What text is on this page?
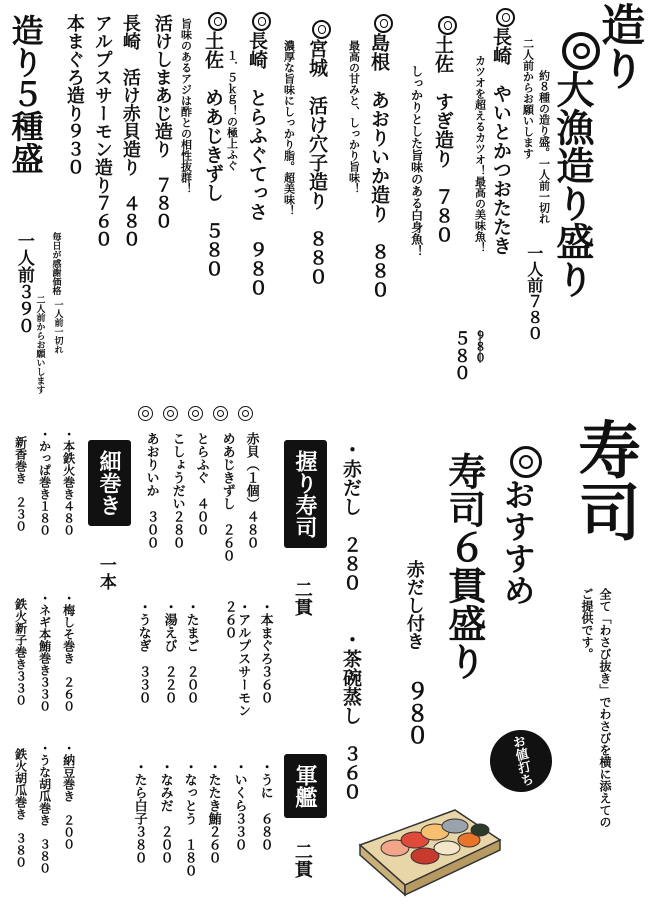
造り
大漁造り盛り
約８種の造り盛。一人前一切れ
二人前からお願いします
一人前７８０
長崎　やいとかつおたたき
カツオを超えるカツオ！最高の美味魚！
９８０
５８０
土佐　すぎ造り　７８０
しっかりとした旨味のある白身魚！
島根　あおりいか造り　８８０
最高の甘みと、しっかり旨味！
宮城　活け穴子造り　８８０
濃厚な旨味にしっかり脂。超美味！
長崎　とらふぐてっさ　９８０
１．５ｋｇ！の極上ふぐ
土佐　めあじきずし　５８０
旨味のあるアジは酢との相性抜群！
活けしまあじ造り　７８０
長崎　活け赤貝造り　４８０
アルプスサーモン造り７６０
本まぐろ造り９３０
造り５種盛
毎日が感謝価格
一人前３９０
二人前からお願いします 一人前一切れ
寿司
全て「わさび抜き」でわさびを横に添えてのご提供です。
おすすめ
寿司６貫盛り
赤だし付き
９８０
お値打ち
・赤だし　２８０
・茶碗蒸し　３６０
握り寿司
二貫
赤貝（１個）４８０
めあじきずし　２６０
とらふぐ　４００
こしょうだい２８０
あおりいか　３００
・本まぐろ３６０
・アルプスサーモン２６０
・たまご　２００
・湯えび　２２０
・うなぎ　３３０
軍艦
二貫
・うに　６８０
・いくら３３０
・たたき鮪２６０
・なっとう　１８０
・なみだ　２００
・たら白子３８０
細巻き
一本
・本鉄火巻き４８０
・かっぱ巻き１８０
新香巻き　２３０
・梅しそ巻き　２６０
・ネギ本鮪巻き３３０
鉄火新子巻き３３０
・納豆巻き　２００
・うな胡瓜巻き　３８０
鉄火胡瓜巻き　３８０
